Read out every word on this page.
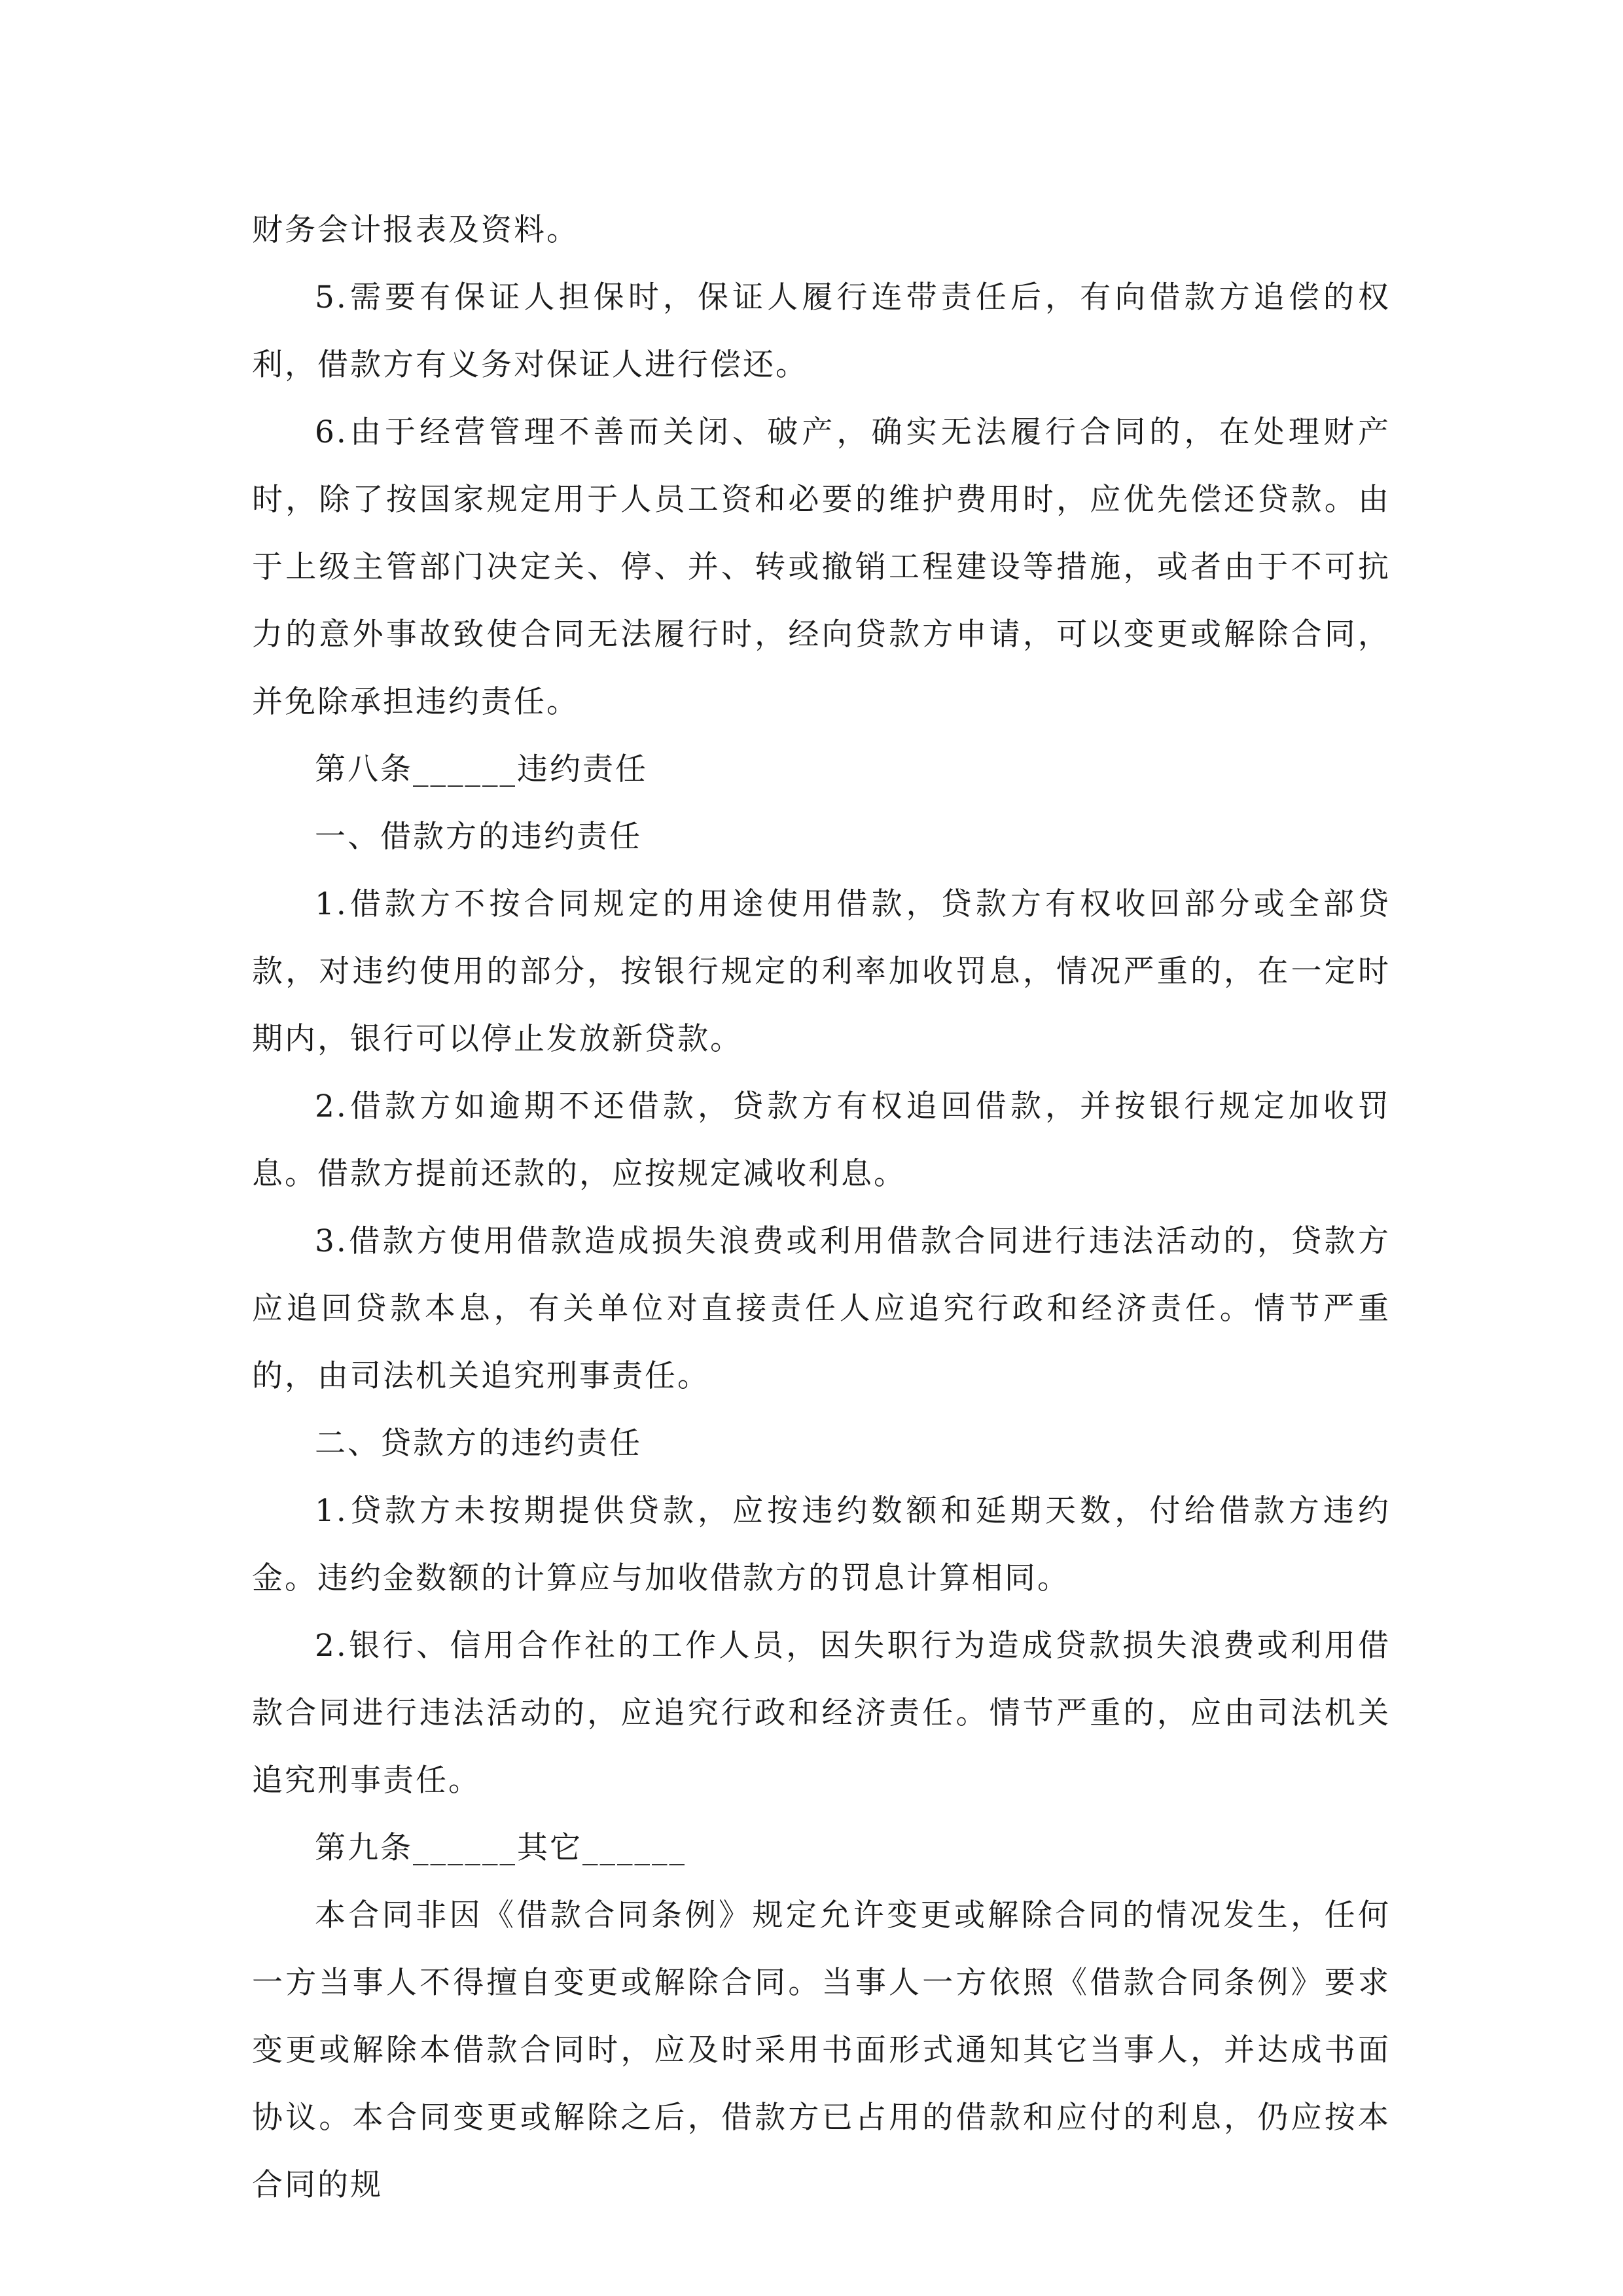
财务会计报表及资料。

5.需要有保证人担保时，保证人履行连带责任后，有向借款方追偿的权利，借款方有义务对保证人进行偿还。

6.由于经营管理不善而关闭、破产，确实无法履行合同的，在处理财产时，除了按国家规定用于人员工资和必要的维护费用时，应优先偿还贷款。由于上级主管部门决定关、停、并、转或撤销工程建设等措施，或者由于不可抗力的意外事故致使合同无法履行时，经向贷款方申请，可以变更或解除合同，并免除承担违约责任。

第八条______违约责任

一、借款方的违约责任

1.借款方不按合同规定的用途使用借款，贷款方有权收回部分或全部贷款，对违约使用的部分，按银行规定的利率加收罚息，情况严重的，在一定时期内，银行可以停止发放新贷款。

2.借款方如逾期不还借款，贷款方有权追回借款，并按银行规定加收罚息。借款方提前还款的，应按规定减收利息。

3.借款方使用借款造成损失浪费或利用借款合同进行违法活动的，贷款方应追回贷款本息，有关单位对直接责任人应追究行政和经济责任。情节严重的，由司法机关追究刑事责任。

二、贷款方的违约责任

1.贷款方未按期提供贷款，应按违约数额和延期天数，付给借款方违约金。违约金数额的计算应与加收借款方的罚息计算相同。

2.银行、信用合作社的工作人员，因失职行为造成贷款损失浪费或利用借款合同进行违法活动的，应追究行政和经济责任。情节严重的，应由司法机关追究刑事责任。

第九条______其它______

本合同非因《借款合同条例》规定允许变更或解除合同的情况发生，任何一方当事人不得擅自变更或解除合同。当事人一方依照《借款合同条例》要求变更或解除本借款合同时，应及时采用书面形式通知其它当事人，并达成书面协议。本合同变更或解除之后，借款方已占用的借款和应付的利息，仍应按本合同的规
